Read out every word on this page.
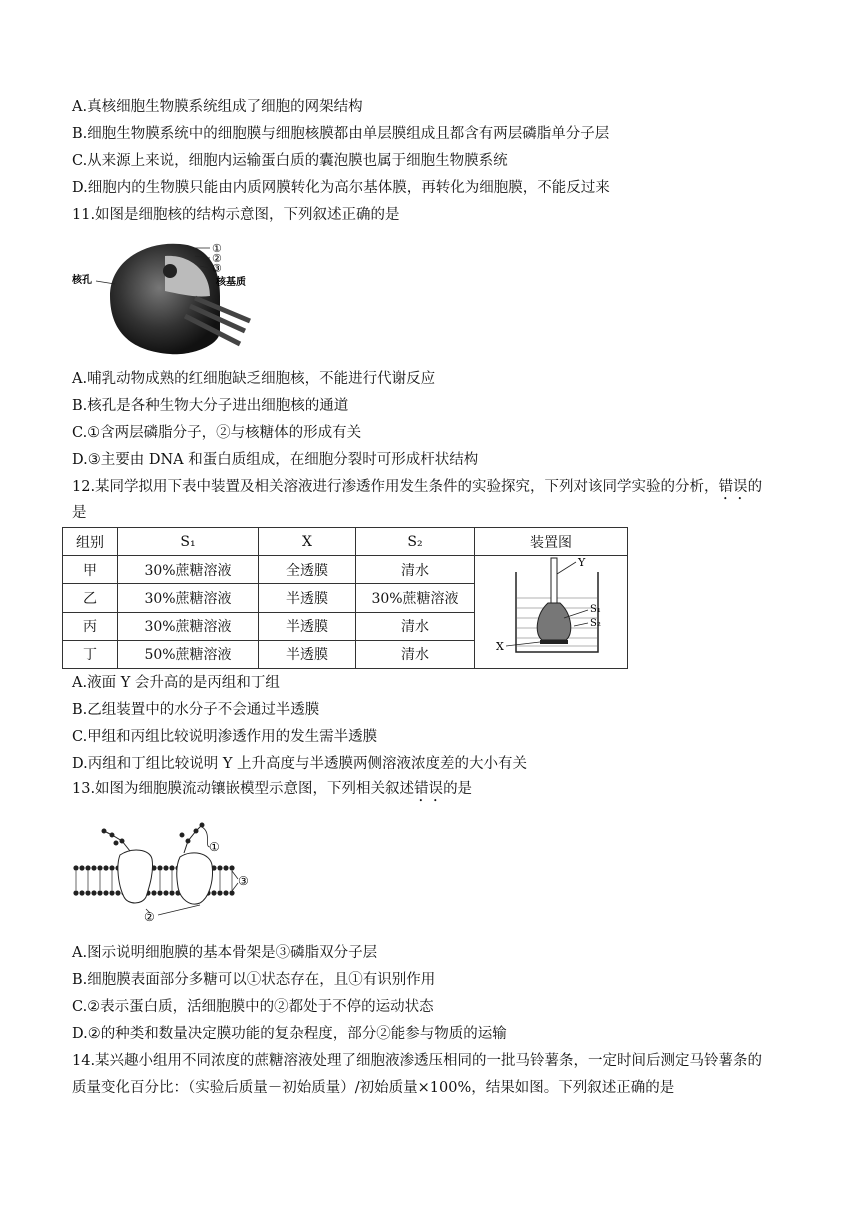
A.真核细胞生物膜系统组成了细胞的网架结构
B.细胞生物膜系统中的细胞膜与细胞核膜都由单层膜组成且都含有两层磷脂单分子层
C.从来源上来说，细胞内运输蛋白质的囊泡膜也属于细胞生物膜系统
D.细胞内的生物膜只能由内质网膜转化为高尔基体膜，再转化为细胞膜，不能反过来
11.如图是细胞核的结构示意图，下列叙述正确的是
①
②
③
核基质
核孔
A.哺乳动物成熟的红细胞缺乏细胞核，不能进行代谢反应
B.核孔是各种生物大分子进出细胞核的通道
C.①含两层磷脂分子，②与核糖体的形成有关
D.③主要由 DNA 和蛋白质组成，在细胞分裂时可形成杆状结构
12.某同学拟用下表中装置及相关溶液进行渗透作用发生条件的实验探究，下列对该同学实验的分析，错误的
是
组别	S₁	X	S₂	装置图
甲	30%蔗糖溶液	全透膜	清水	Y
S₁
S₂
X

乙	30%蔗糖溶液	半透膜	30%蔗糖溶液	
丙	30%蔗糖溶液	半透膜	清水	
丁	50%蔗糖溶液	半透膜	清水	
A.液面 Y 会升高的是丙组和丁组
B.乙组装置中的水分子不会通过半透膜
C.甲组和丙组比较说明渗透作用的发生需半透膜
D.丙组和丁组比较说明 Y 上升高度与半透膜两侧溶液浓度差的大小有关
13.如图为细胞膜流动镶嵌模型示意图，下列相关叙述错误的是
①
②
③
A.图示说明细胞膜的基本骨架是③磷脂双分子层
B.细胞膜表面部分多糖可以①状态存在，且①有识别作用
C.②表示蛋白质，活细胞膜中的②都处于不停的运动状态
D.②的种类和数量决定膜功能的复杂程度，部分②能参与物质的运输
14.某兴趣小组用不同浓度的蔗糖溶液处理了细胞液渗透压相同的一批马铃薯条，一定时间后测定马铃薯条的
质量变化百分比：（实验后质量－初始质量）/初始质量×100%，结果如图。下列叙述正确的是
